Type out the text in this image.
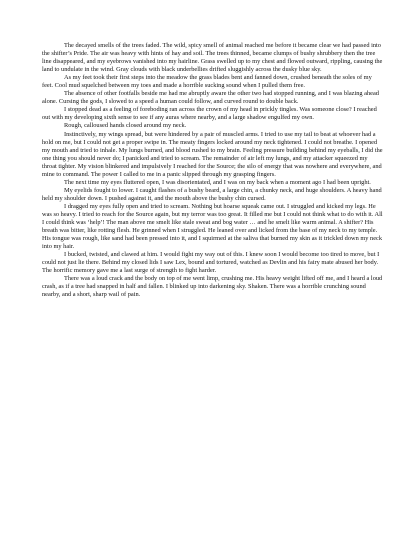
The decayed smells of the trees faded. The wild, spicy smell of animal reached me before it became clear we had passed into the shifter’s Pride. The air was heavy with hints of hay and soil. The trees thinned, became clumps of bushy shrubbery then the tree line disappeared, and my eyebrows vanished into my hairline. Grass swelled up to my chest and flowed outward, rippling, causing the land to undulate in the wind. Gray clouds with black underbellies drifted sluggishly across the dusky blue sky.

As my feet took their first steps into the meadow the grass blades bent and fanned down, crushed beneath the soles of my feet. Cool mud squelched between my toes and made a horrible sucking sound when I pulled them free.

The absence of other footfalls beside me had me abruptly aware the other two had stopped running, and I was blazing ahead alone. Cursing the gods, I slowed to a speed a human could follow, and curved round to double back.

I stopped dead as a feeling of foreboding ran across the crown of my head in prickly tingles. Was someone close? I reached out with my developing sixth sense to see if any auras where nearby, and a large shadow engulfed my own.

Rough, calloused hands closed around my neck.

Instinctively, my wings spread, but were hindered by a pair of muscled arms. I tried to use my tail to beat at whoever had a hold on me, but I could not get a proper swipe in. The meaty fingers locked around my neck tightened. I could not breathe. I opened my mouth and tried to inhale. My lungs burned, and blood rushed to my brain. Feeling pressure building behind my eyeballs, I did the one thing you should never do; I panicked and tried to scream. The remainder of air left my lungs, and my attacker squeezed my throat tighter. My vision blinkered and impulsively I reached for the Source; the silo of energy that was nowhere and everywhere, and mine to command. The power I called to me in a panic slipped through my grasping fingers.

The next time my eyes fluttered open, I was disorientated, and I was on my back when a moment ago I had been upright.

My eyelids fought to lower. I caught flashes of a bushy beard, a large chin, a chunky neck, and huge shoulders. A heavy hand held my shoulder down. I pushed against it, and the mouth above the bushy chin cursed.

I dragged my eyes fully open and tried to scream. Nothing but hoarse squeak came out. I struggled and kicked my legs. He was so heavy. I tried to reach for the Source again, but my terror was too great. It filled me but I could not think what to do with it. All I could think was ‘help’! The man above me smelt like stale sweat and bog water … and he smelt like warm animal. A shifter? His breath was bitter, like rotting flesh. He grinned when I struggled. He leaned over and licked from the base of my neck to my temple. His tongue was rough, like sand had been pressed into it, and I squirmed at the saliva that burned my skin as it trickled down my neck into my hair.

I bucked, twisted, and clawed at him. I would fight my way out of this. I knew soon I would become too tired to move, but I could not just lie there. Behind my closed lids I saw Lex, bound and tortured, watched as Devlin and his fairy mate abused her body. The horrific memory gave me a last surge of strength to fight harder.

There was a loud crack and the body on top of me went limp, crushing me. His heavy weight lifted off me, and I heard a loud crash, as if a tree had snapped in half and fallen. I blinked up into darkening sky. Shaken. There was a horrible crunching sound nearby, and a short, sharp wail of pain.
